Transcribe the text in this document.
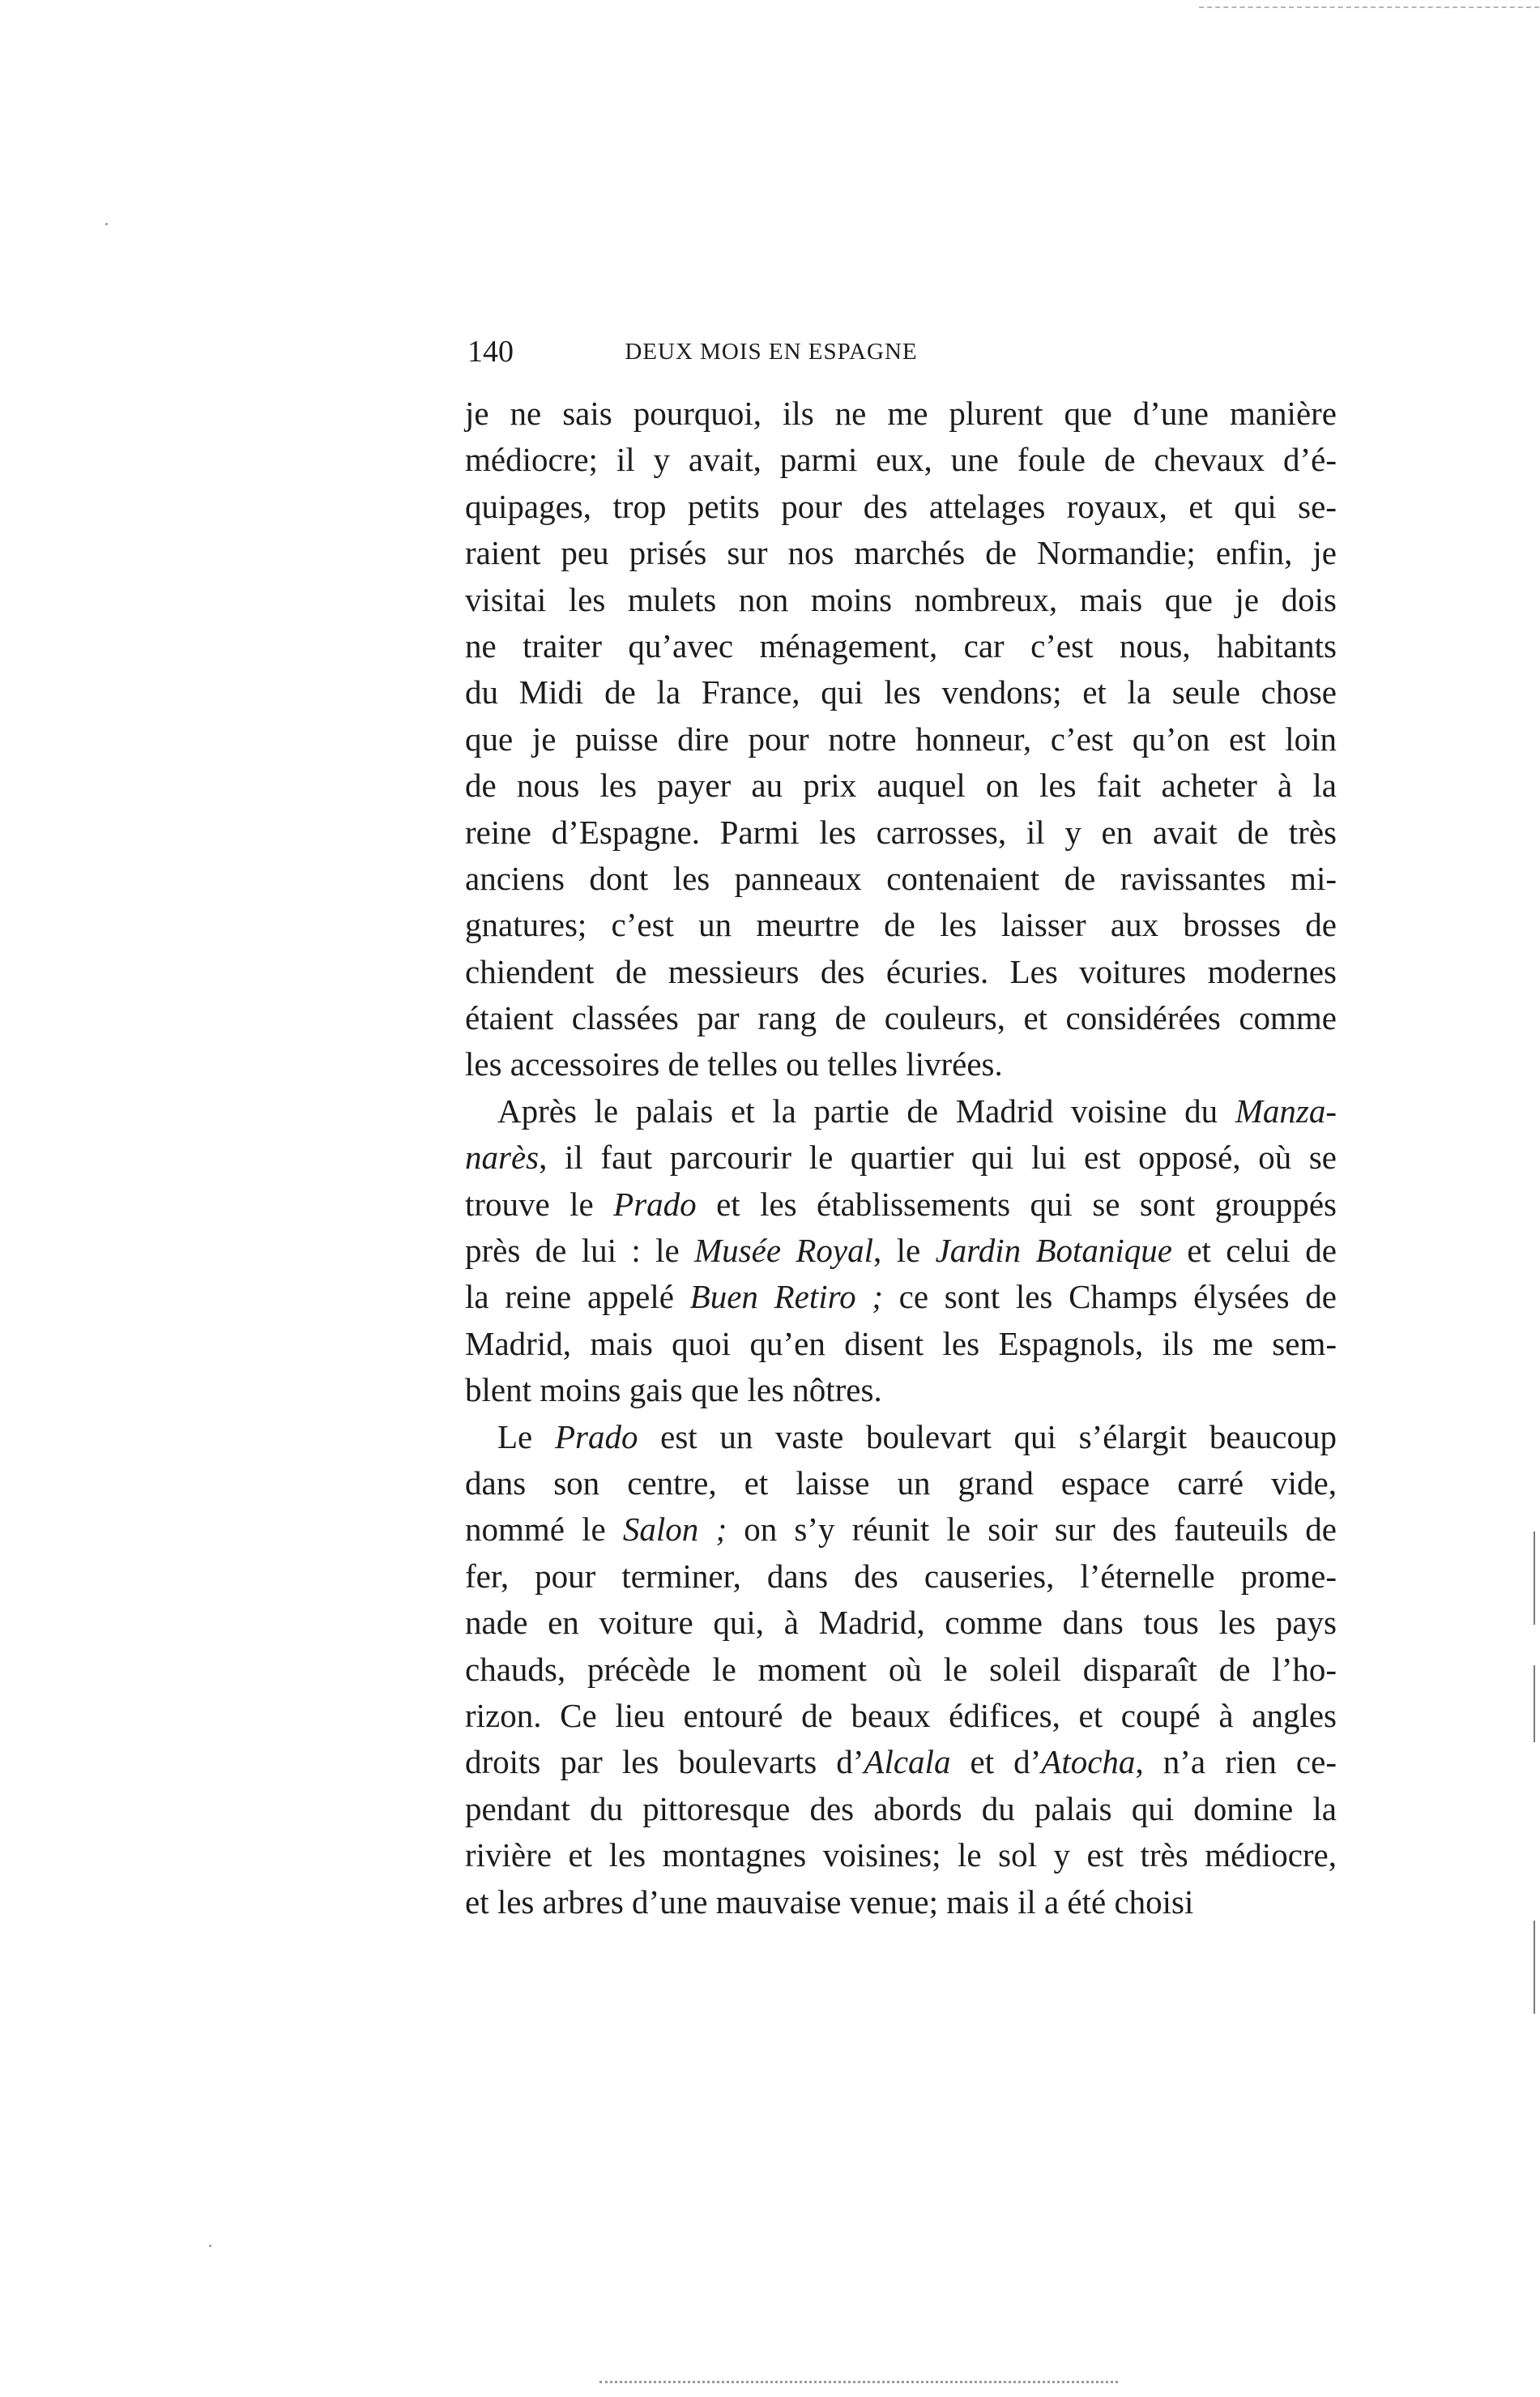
140	DEUX MOIS EN ESPAGNE
je ne sais pourquoi, ils ne me plurent que d’une manière
médiocre; il y avait, parmi eux, une foule de chevaux d’é-
quipages, trop petits pour des attelages royaux, et qui se-
raient peu prisés sur nos marchés de Normandie; enfin, je
visitai les mulets non moins nombreux, mais que je dois
ne traiter qu’avec ménagement, car c’est nous, habitants
du Midi de la France, qui les vendons; et la seule chose
que je puisse dire pour notre honneur, c’est qu’on est loin
de nous les payer au prix auquel on les fait acheter à la
reine d’Espagne. Parmi les carrosses, il y en avait de très
anciens dont les panneaux contenaient de ravissantes mi-
gnatures; c’est un meurtre de les laisser aux brosses de
chiendent de messieurs des écuries. Les voitures modernes
étaient classées par rang de couleurs, et considérées comme
les accessoires de telles ou telles livrées.
Après le palais et la partie de Madrid voisine du Manza-
narès, il faut parcourir le quartier qui lui est opposé, où se
trouve le Prado et les établissements qui se sont grouppés
près de lui : le Musée Royal, le Jardin Botanique et celui de
la reine appelé Buen Retiro ; ce sont les Champs élysées de
Madrid, mais quoi qu’en disent les Espagnols, ils me sem-
blent moins gais que les nôtres.
Le Prado est un vaste boulevart qui s’élargit beaucoup
dans son centre, et laisse un grand espace carré vide,
nommé le Salon ; on s’y réunit le soir sur des fauteuils de
fer, pour terminer, dans des causeries, l’éternelle prome-
nade en voiture qui, à Madrid, comme dans tous les pays
chauds, précède le moment où le soleil disparaît de l’ho-
rizon. Ce lieu entouré de beaux édifices, et coupé à angles
droits par les boulevarts d’Alcala et d’Atocha, n’a rien ce-
pendant du pittoresque des abords du palais qui domine la
rivière et les montagnes voisines; le sol y est très médiocre,
et les arbres d’une mauvaise venue; mais il a été choisi
